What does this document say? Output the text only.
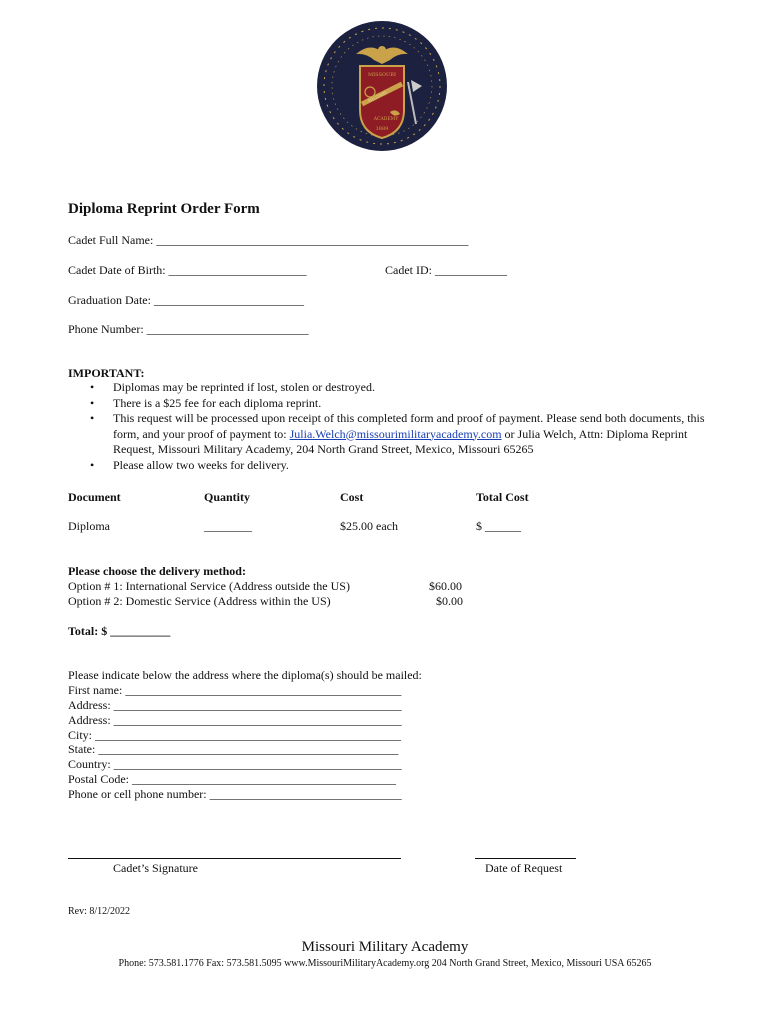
MISSOURI
MILITARY
ACADEMY
1889
Diploma Reprint Order Form
Cadet Full Name: ____________________________________________________
Cadet Date of Birth: _______________________	Cadet ID: ____________
Graduation Date: _________________________
Phone Number: ___________________________
IMPORTANT:
• Diplomas may be reprinted if lost, stolen or destroyed.
• There is a $25 fee for each diploma reprint.
• This request will be processed upon receipt of this completed form and proof of payment. Please send both documents, this form, and your proof of payment to: Julia.Welch@missourimilitaryacademy.com or Julia Welch, Attn: Diploma Reprint Request, Missouri Military Academy, 204 North Grand Street, Mexico, Missouri 65265
• Please allow two weeks for delivery.
Document	Quantity	Cost	Total Cost
Diploma	________	$25.00 each	$ ______
Please choose the delivery method:
Option # 1: International Service (Address outside the US)	$60.00
Option # 2: Domestic Service (Address within the US)	$0.00
Total: $ __________
Please indicate below the address where the diploma(s) should be mailed:
First name: ______________________________________________
Address: ________________________________________________
Address: ________________________________________________
City: ___________________________________________________
State: __________________________________________________
Country: ________________________________________________
Postal Code: ____________________________________________
Phone or cell phone number: ________________________________
Cadet’s Signature	Date of Request
Rev: 8/12/2022
Missouri Military Academy
Phone: 573.581.1776 Fax: 573.581.5095 www.MissouriMilitaryAcademy.org 204 North Grand Street, Mexico, Missouri USA 65265
